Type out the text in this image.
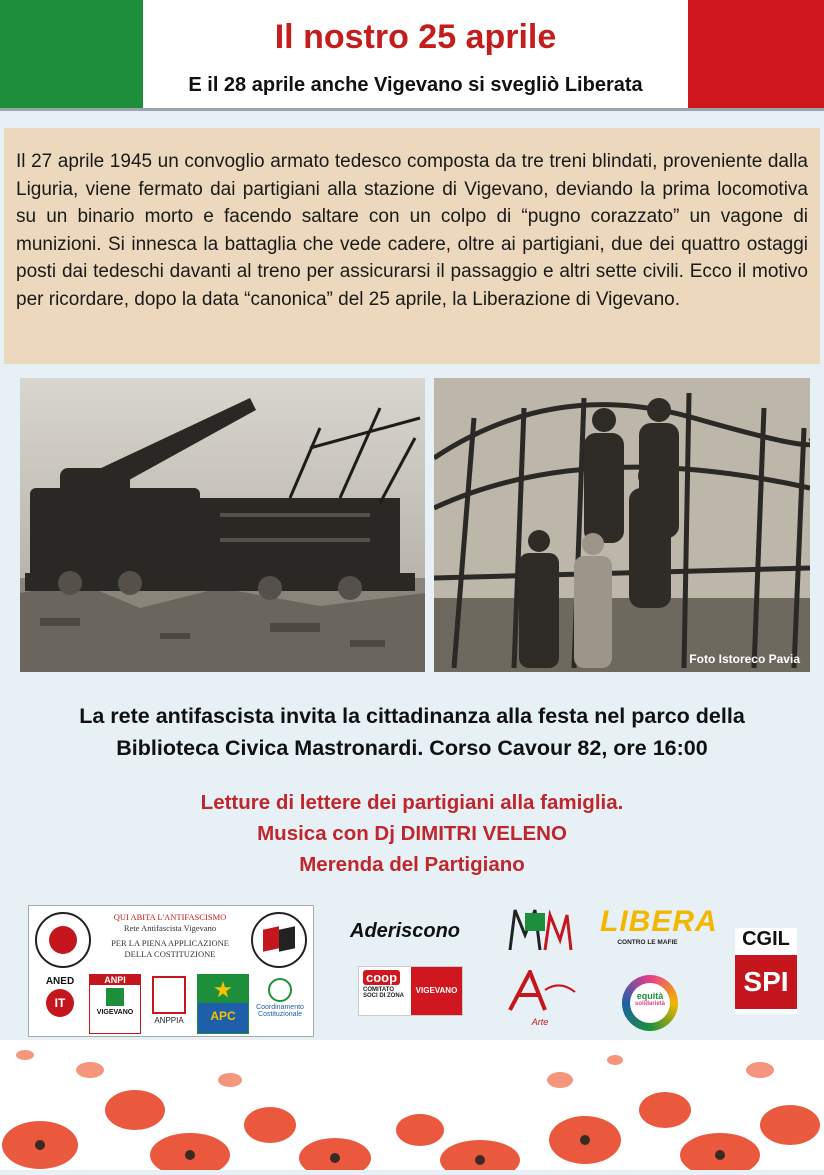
Il nostro 25 aprile
E il 28 aprile anche Vigevano si svegliò Liberata

Il 27 aprile 1945 un convoglio armato tedesco composta da tre treni blindati, proveniente dalla Liguria, viene fermato dai partigiani alla stazione di Vigevano, deviando la prima locomotiva su un binario morto e facendo saltare con un colpo di “pugno corazzato” un vagone di munizioni. Si innesca la battaglia che vede cadere, oltre ai partigiani, due dei quattro ostaggi posti dai tedeschi davanti al treno per assicurarsi il passaggio e altri sette civili. Ecco il motivo per ricordare, dopo la data “canonica” del 25 aprile, la Liberazione di Vigevano.

Foto Istoreco Pavia
La rete antifascista invita la cittadinanza alla festa nel parco della
Biblioteca Civica Mastronardi. Corso Cavour 82, ore 16:00
Letture di lettere dei partigiani alla famiglia.
Musica con Dj DIMITRI VELENO
Merenda del Partigiano
QUI ABITA L'ANTIFASCISMO
Rete Antifascista Vigevano
PER LA PIENA APPLICAZIONE
DELLA COSTITUZIONE
ANED
IT
ANPI
VIGEVANO
ANPPIA	APC
Coordinamento
Costituzionale
Aderiscono	LIBERA
CONTRO LE MAFIE	CGIL
SPI
coop
COMITATO
SOCI DI ZONA
VIGEVANO
Arte
equità
solidarietà
